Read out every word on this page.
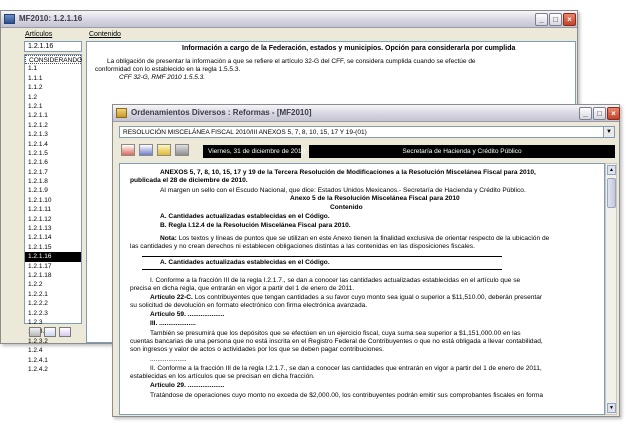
MF2010: 1.2.1.16	_	□	×
Artículos	Contenido
1.2.1.16
CONSIDERANDO
1.1
1.1.1
1.1.2
1.2
1.2.1
1.2.1.1
1.2.1.2
1.2.1.3
1.2.1.4
1.2.1.5
1.2.1.6
1.2.1.7
1.2.1.8
1.2.1.9
1.2.1.10
1.2.1.11
1.2.1.12
1.2.1.13
1.2.1.14
1.2.1.15
1.2.1.16
1.2.1.17
1.2.1.18
1.2.2
1.2.2.1
1.2.2.2
1.2.2.3
1.2.3
1.2.3.2
1.2.4
1.2.4.1
1.2.4.2
Información a cargo de la Federación, estados y municipios. Opción para considerarla por cumplida
La obligación de presentar la información a que se refiere el artículo 32-G del CFF, se considera cumplida cuando se efectúe de
conformidad con lo establecido en la regla 1.5.5.3.
CFF 32-G, RMF 2010 1.5.5.3.
Ordenamientos Diversos : Reformas - [MF2010]	_	□	×
RESOLUCIÓN MISCELÁNEA FISCAL 2010/III ANEXOS 5, 7, 8, 10, 15, 17 Y 19-(01)	▼
Viernes, 31 de diciembre de 2010	Secretaría de Hacienda y Crédito Público
ANEXOS 5, 7, 8, 10, 15, 17 y 19 de la Tercera Resolución de Modificaciones a la Resolución Miscelánea Fiscal para 2010,
publicada el 28 de diciembre de 2010.
Al margen un sello con el Escudo Nacional, que dice: Estados Unidos Mexicanos.- Secretaría de Hacienda y Crédito Público.
Anexo 5 de la Resolución Miscelánea Fiscal para 2010
Contenido
A. Cantidades actualizadas establecidas en el Código.
B. Regla I.12.4 de la Resolución Miscelánea Fiscal para 2010.
Nota: Los textos y líneas de puntos que se utilizan en este Anexo tienen la finalidad exclusiva de orientar respecto de la ubicación de
las cantidades y no crean derechos ni establecen obligaciones distintas a las contenidas en las disposiciones fiscales.
A. Cantidades actualizadas establecidas en el Código.
I. Conforme a la fracción III de la regla I.2.1.7., se dan a conocer las cantidades actualizadas establecidas en el artículo que se
precisa en dicha regla, que entrarán en vigor a partir del 1 de enero de 2011.
Artículo 22-C. Los contribuyentes que tengan cantidades a su favor cuyo monto sea igual o superior a $11,510.00, deberán presentar
su solicitud de devolución en formato electrónico con firma electrónica avanzada.
Artículo 59. ....................
III. ....................
También se presumirá que los depósitos que se efectúen en un ejercicio fiscal, cuya suma sea superior a $1,151,000.00 en las
cuentas bancarias de una persona que no está inscrita en el Registro Federal de Contribuyentes o que no está obligada a llevar contabilidad,
son ingresos y valor de actos o actividades por los que se deben pagar contribuciones.
....................
II. Conforme a la fracción III de la regla I.2.1.7., se dan a conocer las cantidades que entrarán en vigor a partir del 1 de enero de 2011,
establecidas en los artículos que se precisan en dicha fracción.
Artículo 29. ....................
Tratándose de operaciones cuyo monto no exceda de $2,000.00, los contribuyentes podrán emitir sus comprobantes fiscales en forma
▲
▼
